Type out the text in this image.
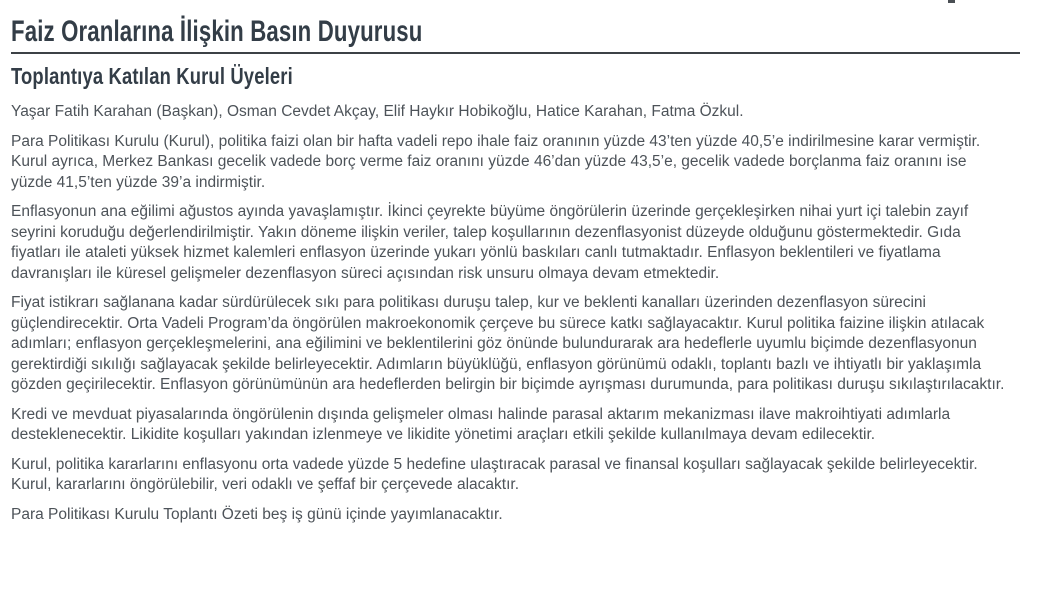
Faiz Oranlarına İlişkin Basın Duyurusu
Toplantıya Katılan Kurul Üyeleri

Yaşar Fatih Karahan (Başkan), Osman Cevdet Akçay, Elif Haykır Hobikoğlu, Hatice Karahan, Fatma Özkul.

Para Politikası Kurulu (Kurul), politika faizi olan bir hafta vadeli repo ihale faiz oranının yüzde 43’ten yüzde 40,5’e indirilmesine karar vermiştir. Kurul ayrıca, Merkez Bankası gecelik vadede borç verme faiz oranını yüzde 46’dan yüzde 43,5’e, gecelik vadede borçlanma faiz oranını ise yüzde 41,5’ten yüzde 39’a indirmiştir.

Enflasyonun ana eğilimi ağustos ayında yavaşlamıştır. İkinci çeyrekte büyüme öngörülerin üzerinde gerçekleşirken nihai yurt içi talebin zayıf seyrini koruduğu değerlendirilmiştir. Yakın döneme ilişkin veriler, talep koşullarının dezenflasyonist düzeyde olduğunu göstermektedir. Gıda fiyatları ile ataleti yüksek hizmet kalemleri enflasyon üzerinde yukarı yönlü baskıları canlı tutmaktadır. Enflasyon beklentileri ve fiyatlama davranışları ile küresel gelişmeler dezenflasyon süreci açısından risk unsuru olmaya devam etmektedir.

Fiyat istikrarı sağlanana kadar sürdürülecek sıkı para politikası duruşu talep, kur ve beklenti kanalları üzerinden dezenflasyon sürecini güçlendirecektir. Orta Vadeli Program’da öngörülen makroekonomik çerçeve bu sürece katkı sağlayacaktır. Kurul politika faizine ilişkin atılacak adımları; enflasyon gerçekleşmelerini, ana eğilimini ve beklentilerini göz önünde bulundurarak ara hedeflerle uyumlu biçimde dezenflasyonun gerektirdiği sıkılığı sağlayacak şekilde belirleyecektir. Adımların büyüklüğü, enflasyon görünümü odaklı, toplantı bazlı ve ihtiyatlı bir yaklaşımla gözden geçirilecektir. Enflasyon görünümünün ara hedeflerden belirgin bir biçimde ayrışması durumunda, para politikası duruşu sıkılaştırılacaktır.

Kredi ve mevduat piyasalarında öngörülenin dışında gelişmeler olması halinde parasal aktarım mekanizması ilave makroihtiyati adımlarla desteklenecektir. Likidite koşulları yakından izlenmeye ve likidite yönetimi araçları etkili şekilde kullanılmaya devam edilecektir.

Kurul, politika kararlarını enflasyonu orta vadede yüzde 5 hedefine ulaştıracak parasal ve finansal koşulları sağlayacak şekilde belirleyecektir. Kurul, kararlarını öngörülebilir, veri odaklı ve şeffaf bir çerçevede alacaktır.

Para Politikası Kurulu Toplantı Özeti beş iş günü içinde yayımlanacaktır.
